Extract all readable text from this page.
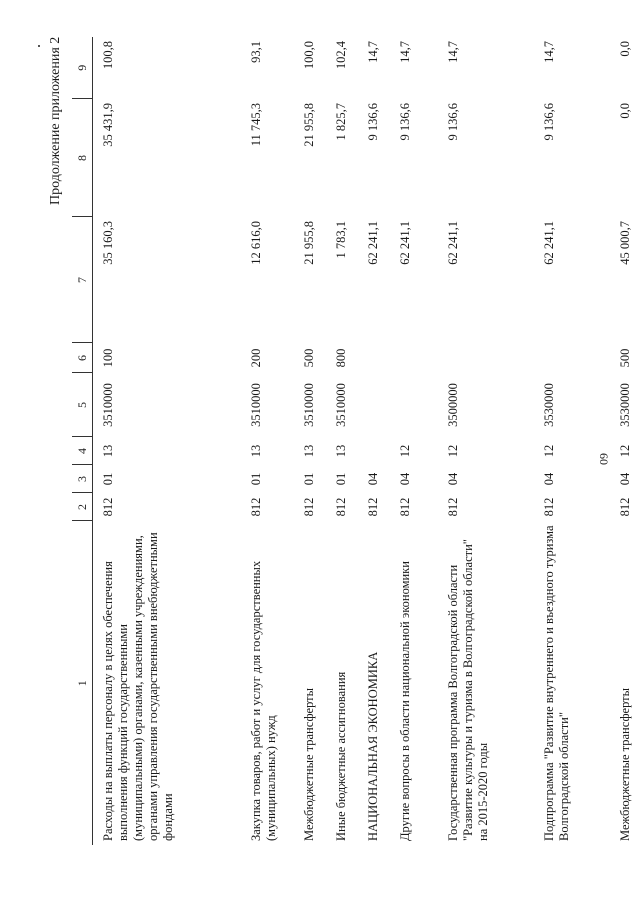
60
Продолжение приложения 2
1	2	3	4	5	6	7	8	9
Расходы на выплаты персоналу в целях обеспечения выполнения функций государственными (муниципальными) органами, казенными учреждениями, органами управления государственными внебюджетными фондами	812	01	13	3510000	100	35 160,3	35 431,9	100,8
Закупка товаров, работ и услуг для государственных (муниципальных) нужд	812	01	13	3510000	200	12 616,0	11 745,3	93,1
Межбюджетные трансферты	812	01	13	3510000	500	21 955,8	21 955,8	100,0
Иные бюджетные ассигнования	812	01	13	3510000	800	1 783,1	1 825,7	102,4
НАЦИОНАЛЬНАЯ ЭКОНОМИКА	812	04				62 241,1	9 136,6	14,7
Другие вопросы в области национальной экономики	812	04	12			62 241,1	9 136,6	14,7
Государственная программа Волгоградской области "Развитие культуры и туризма в Волгоградской области" на 2015-2020 годы	812	04	12	3500000		62 241,1	9 136,6	14,7
Подпрограмма "Развитие внутреннего и въездного туризма Волгоградской области"	812	04	12	3530000		62 241,1	9 136,6	14,7
Межбюджетные трансферты	812	04	12	3530000	500	45 000,7	0,0	0,0
